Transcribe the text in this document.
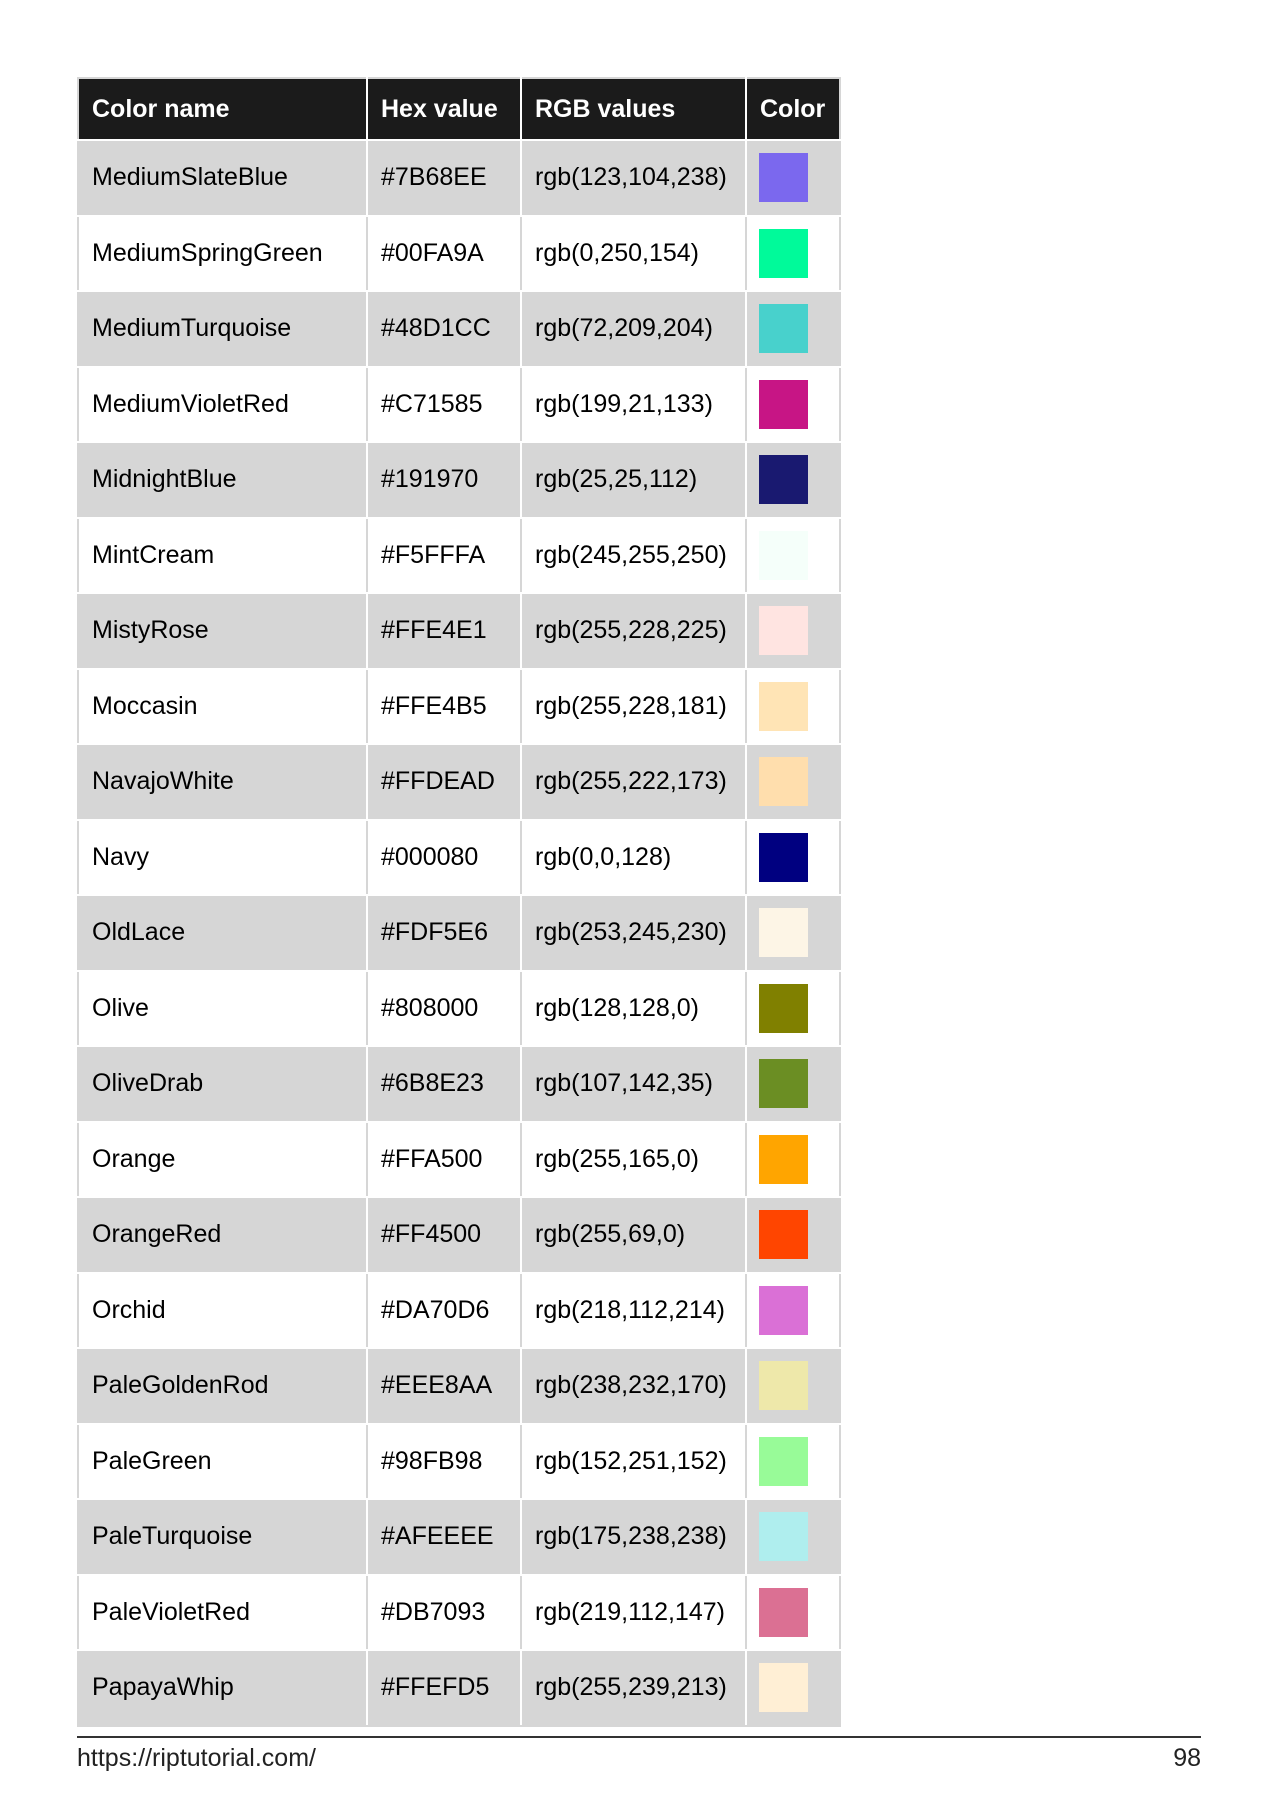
Color name	Hex value	RGB values	Color
MediumSlateBlue	#7B68EE	rgb(123,104,238)	

MediumSpringGreen	#00FA9A	rgb(0,250,154)	

MediumTurquoise	#48D1CC	rgb(72,209,204)	

MediumVioletRed	#C71585	rgb(199,21,133)	

MidnightBlue	#191970	rgb(25,25,112)	

MintCream	#F5FFFA	rgb(245,255,250)	

MistyRose	#FFE4E1	rgb(255,228,225)	

Moccasin	#FFE4B5	rgb(255,228,181)	

NavajoWhite	#FFDEAD	rgb(255,222,173)	

Navy	#000080	rgb(0,0,128)	

OldLace	#FDF5E6	rgb(253,245,230)	

Olive	#808000	rgb(128,128,0)	

OliveDrab	#6B8E23	rgb(107,142,35)	

Orange	#FFA500	rgb(255,165,0)	

OrangeRed	#FF4500	rgb(255,69,0)	

Orchid	#DA70D6	rgb(218,112,214)	

PaleGoldenRod	#EEE8AA	rgb(238,232,170)	

PaleGreen	#98FB98	rgb(152,251,152)	

PaleTurquoise	#AFEEEE	rgb(175,238,238)	

PaleVioletRed	#DB7093	rgb(219,112,147)	

PapayaWhip	#FFEFD5	rgb(255,239,213)	
https://riptutorial.com/	98
